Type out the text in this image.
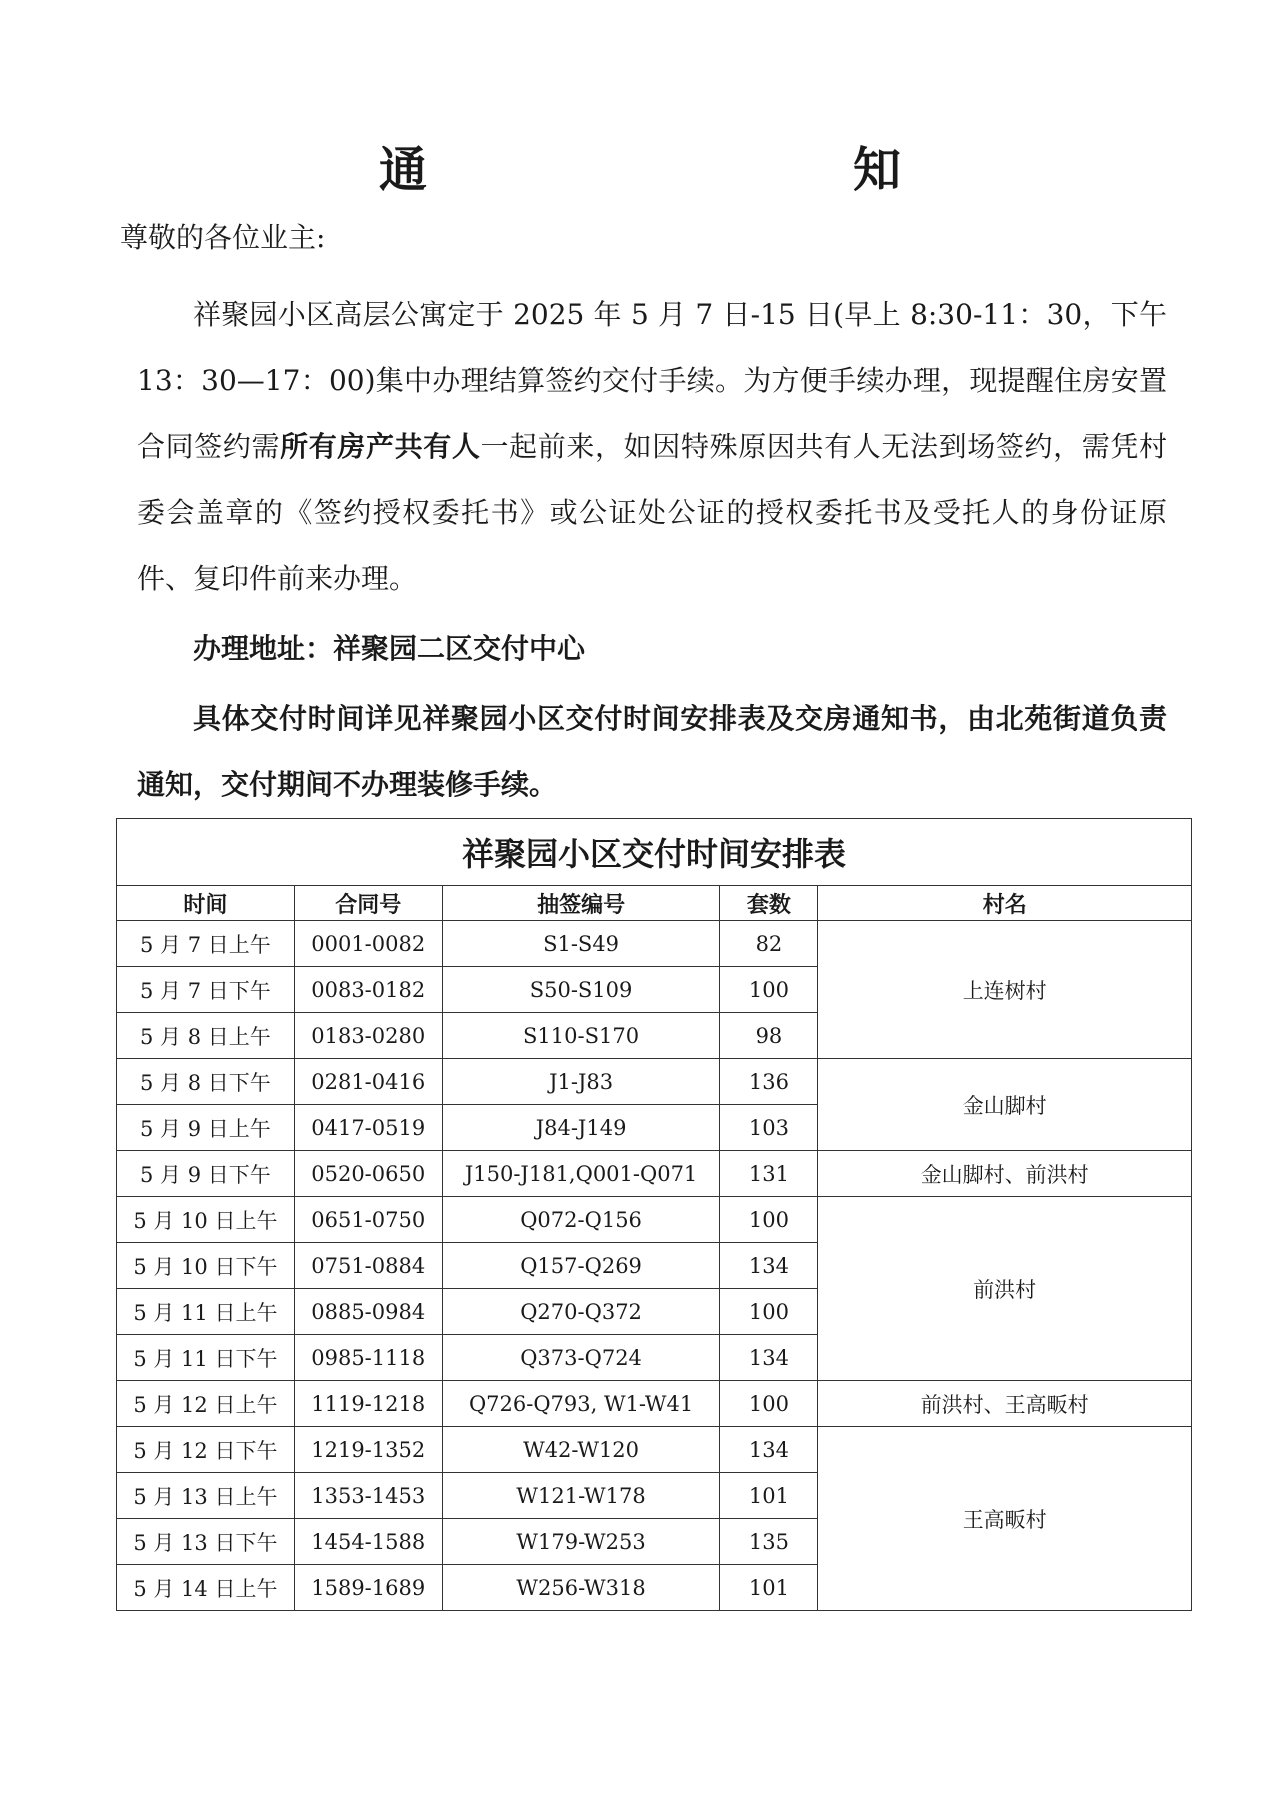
通　　知
尊敬的各位业主:
祥聚园小区高层公寓定于 2025 年 5 月 7 日-15 日(早上 8:30-11：30，下午 13：30—17：00)集中办理结算签约交付手续。为方便手续办理，现提醒住房安置合同签约需所有房产共有人一起前来，如因特殊原因共有人无法到场签约，需凭村委会盖章的《签约授权委托书》或公证处公证的授权委托书及受托人的身份证原件、复印件前来办理。
办理地址：祥聚园二区交付中心
具体交付时间详见祥聚园小区交付时间安排表及交房通知书，由北苑街道负责通知，交付期间不办理装修手续。
祥聚园小区交付时间安排表				
时间	合同号	抽签编号	套数	村名
5 月 7 日上午	0001-0082	S1-S49	82	上连树村
5 月 7 日下午	0083-0182	S50-S109	100	
5 月 8 日上午	0183-0280	S110-S170	98	
5 月 8 日下午	0281-0416	J1-J83	136	金山脚村
5 月 9 日上午	0417-0519	J84-J149	103	
5 月 9 日下午	0520-0650	J150-J181,Q001-Q071	131	金山脚村、前洪村
5 月 10 日上午	0651-0750	Q072-Q156	100	前洪村
5 月 10 日下午	0751-0884	Q157-Q269	134	
5 月 11 日上午	0885-0984	Q270-Q372	100	
5 月 11 日下午	0985-1118	Q373-Q724	134	
5 月 12 日上午	1119-1218	Q726-Q793, W1-W41	100	前洪村、王高畈村
5 月 12 日下午	1219-1352	W42-W120	134	王高畈村
5 月 13 日上午	1353-1453	W121-W178	101	
5 月 13 日下午	1454-1588	W179-W253	135	
5 月 14 日上午	1589-1689	W256-W318	101	
